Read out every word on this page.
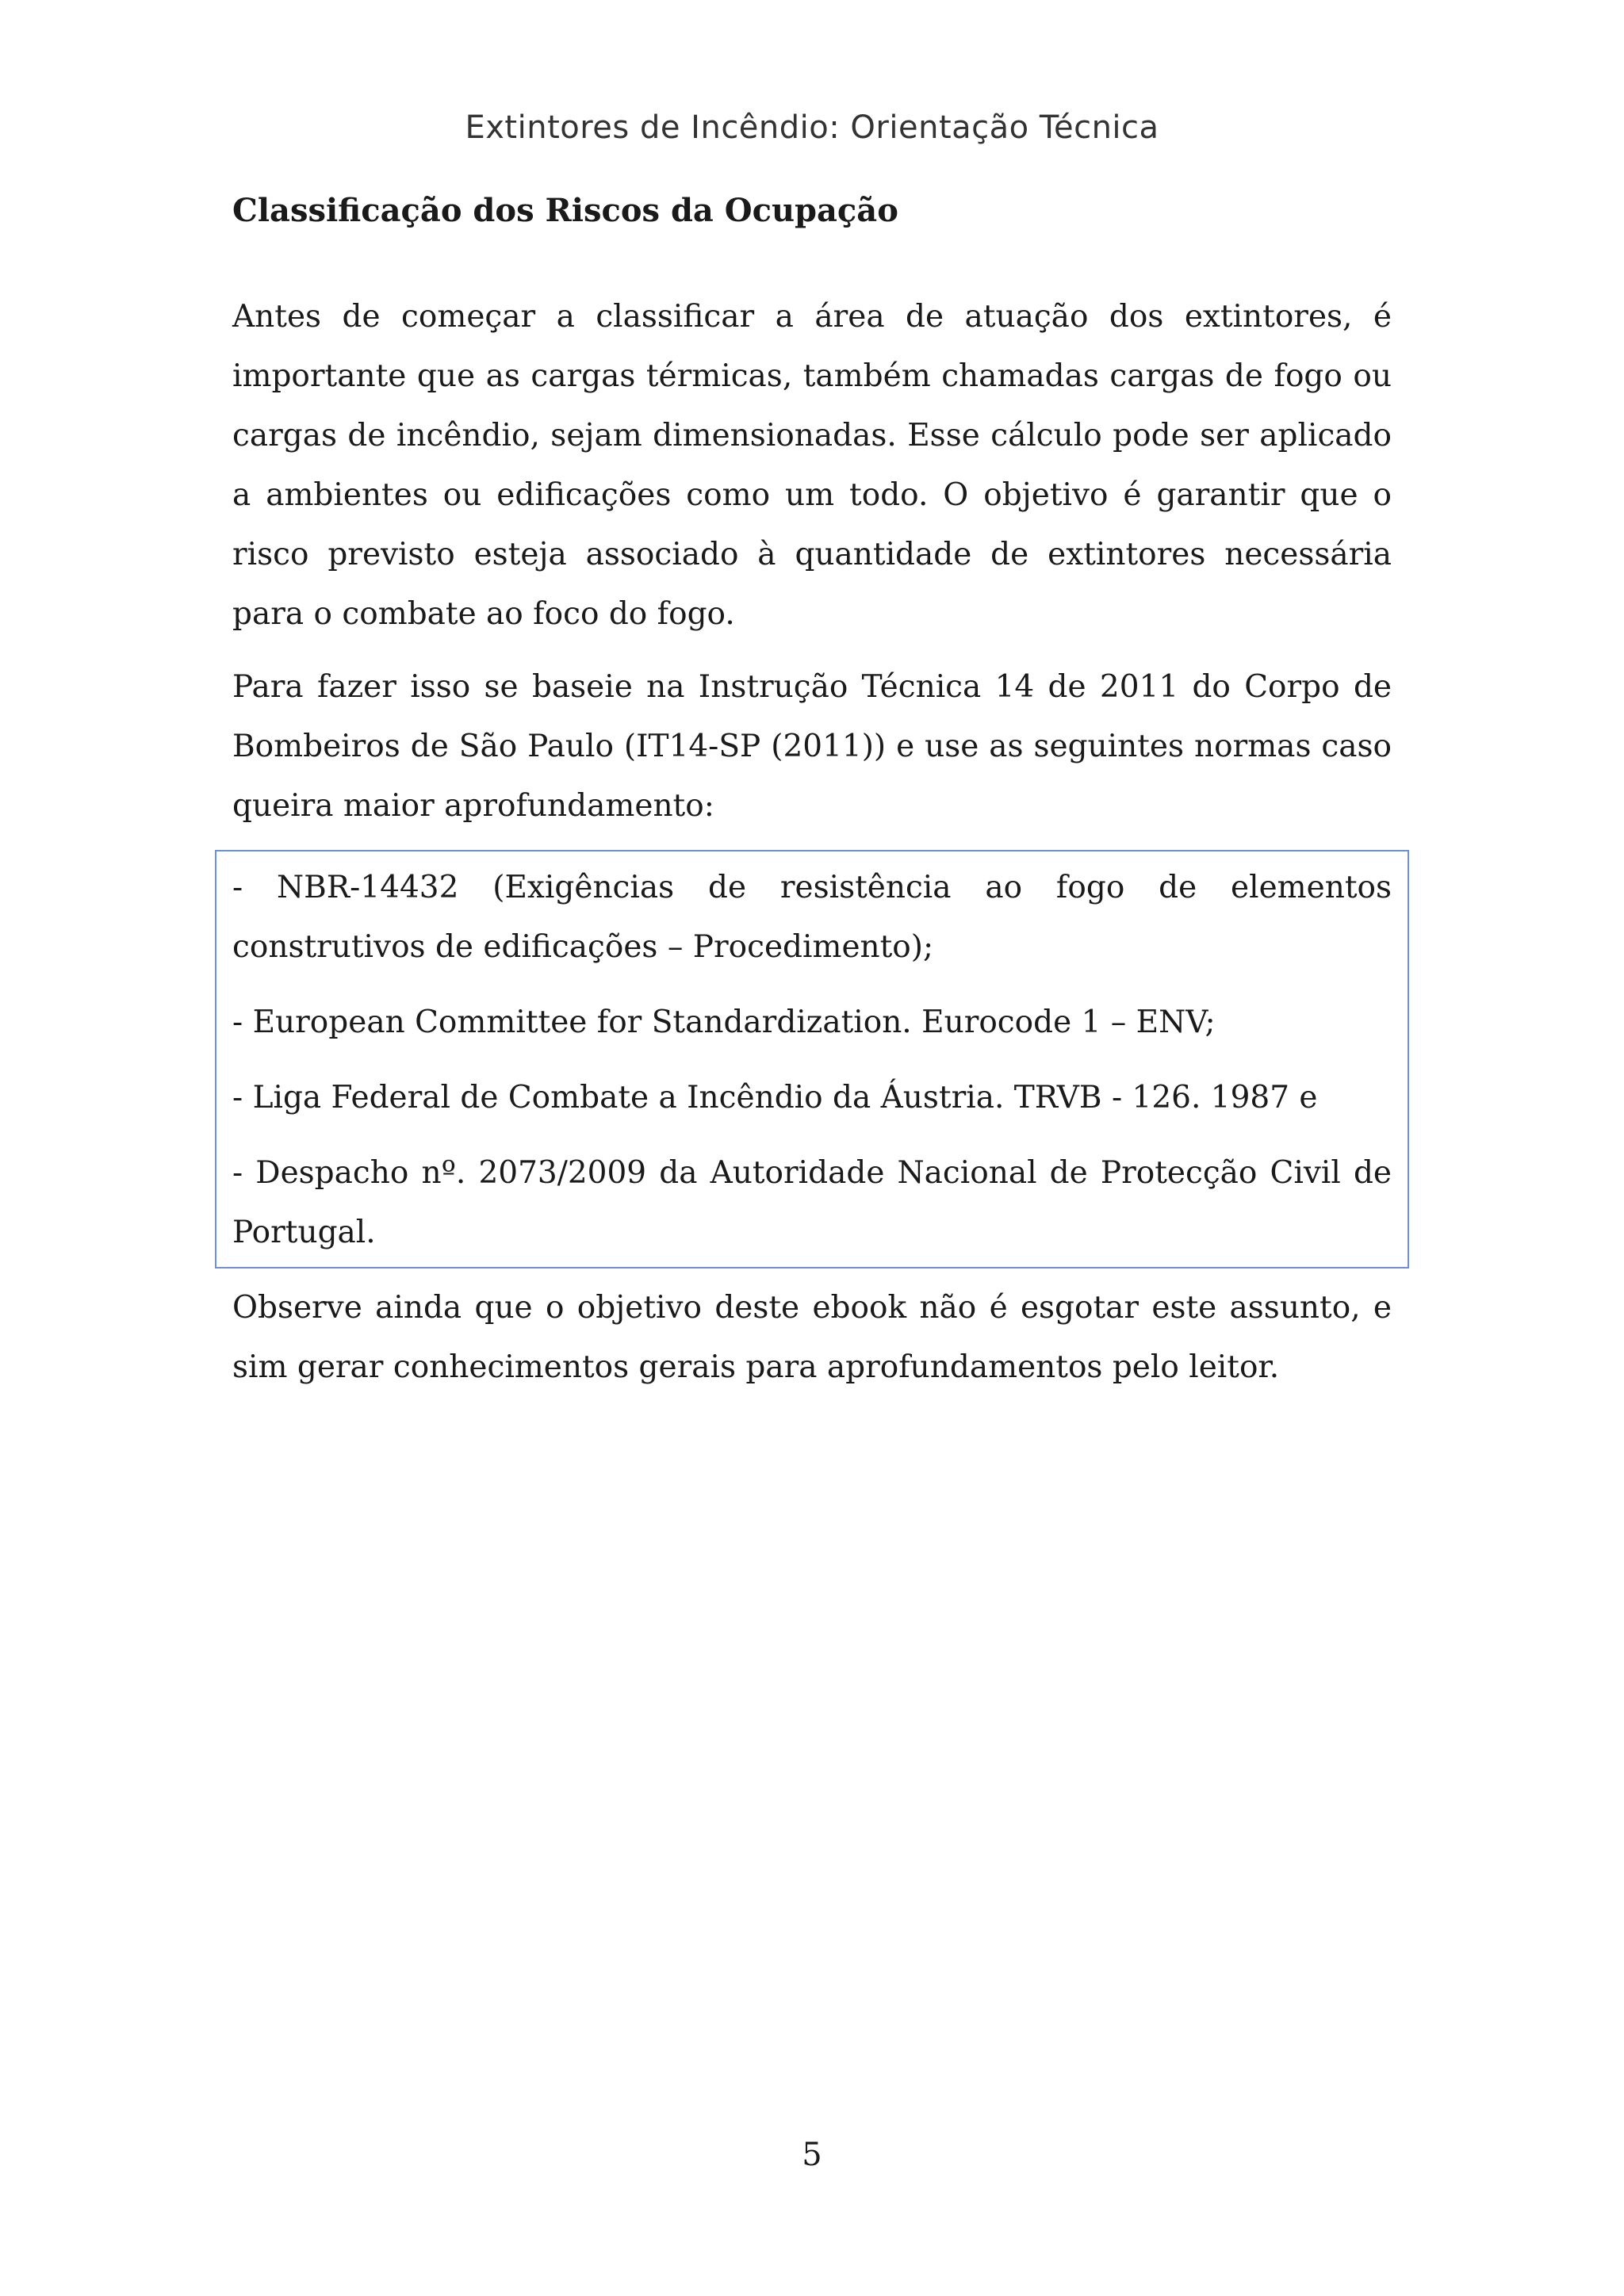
Extintores de Incêndio: Orientação Técnica
Classificação dos Riscos da Ocupação

Antes de começar a classificar a área de atuação dos extintores, é importante que as cargas térmicas, também chamadas cargas de fogo ou cargas de incêndio, sejam dimensionadas. Esse cálculo pode ser aplicado a ambientes ou edificações como um todo. O objetivo é garantir que o risco previsto esteja associado à quantidade de extintores necessária para o combate ao foco do fogo.

Para fazer isso se baseie na Instrução Técnica 14 de 2011 do Corpo de Bombeiros de São Paulo (IT14-SP (2011)) e use as seguintes normas caso queira maior aprofundamento:

- NBR-14432 (Exigências de resistência ao fogo de elementos construtivos de edificações – Procedimento);

- European Committee for Standardization. Eurocode 1 – ENV;

- Liga Federal de Combate a Incêndio da Áustria. TRVB - 126. 1987 e

- Despacho nº. 2073/2009 da Autoridade Nacional de Protecção Civil de Portugal.

Observe ainda que o objetivo deste ebook não é esgotar este assunto, e sim gerar conhecimentos gerais para aprofundamentos pelo leitor.

5
